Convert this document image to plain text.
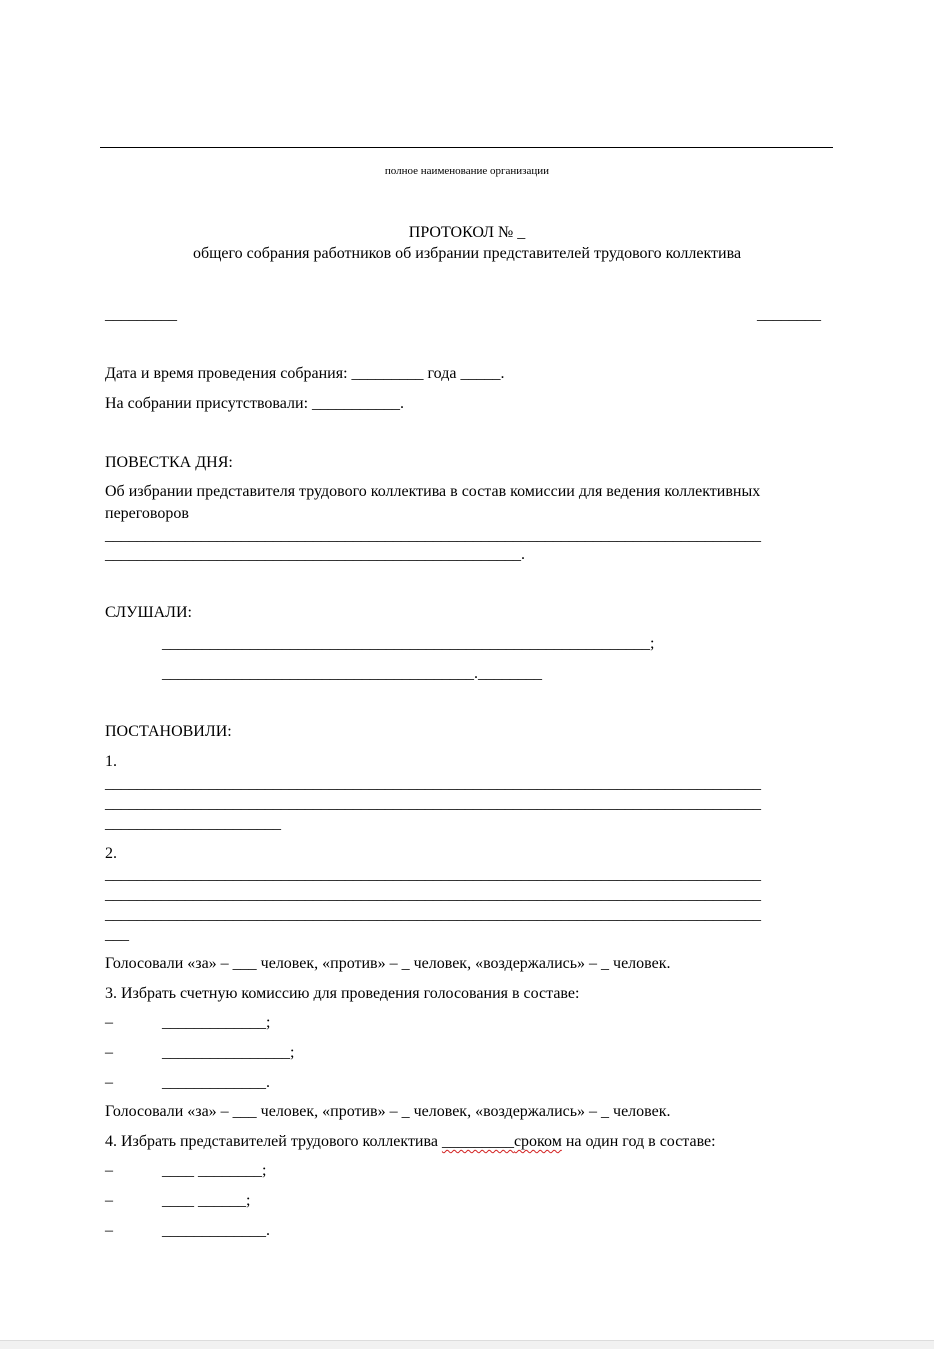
полное наименование организации
ПРОТОКОЛ № _
общего собрания работников об избрании представителей трудового коллектива
_________	________
Дата и время проведения собрания: _________ года _____.
На собрании присутствовали: ___________.
ПОВЕСТКА ДНЯ:
Об избрании представителя трудового коллектива в состав комиссии для ведения коллективных
переговоров
__________________________________________________________________________________
____________________________________________________.
СЛУШАЛИ:
_____________________________________________________________;
_______________________________________.________
ПОСТАНОВИЛИ:
1.
__________________________________________________________________________________
__________________________________________________________________________________
______________________
2.
__________________________________________________________________________________
__________________________________________________________________________________
__________________________________________________________________________________
___
Голосовали «за» – ___ человек, «против» – _ человек, «воздержались» – _ человек.
3. Избрать счетную комиссию для проведения голосования в составе:
–	_____________;
–	________________;
–	_____________.
Голосовали «за» – ___ человек, «против» – _ человек, «воздержались» – _ человек.
4. Избрать представителей трудового коллектива _________сроком на один год в составе:
–	____ ________;
–	____ ______;
–	_____________.
